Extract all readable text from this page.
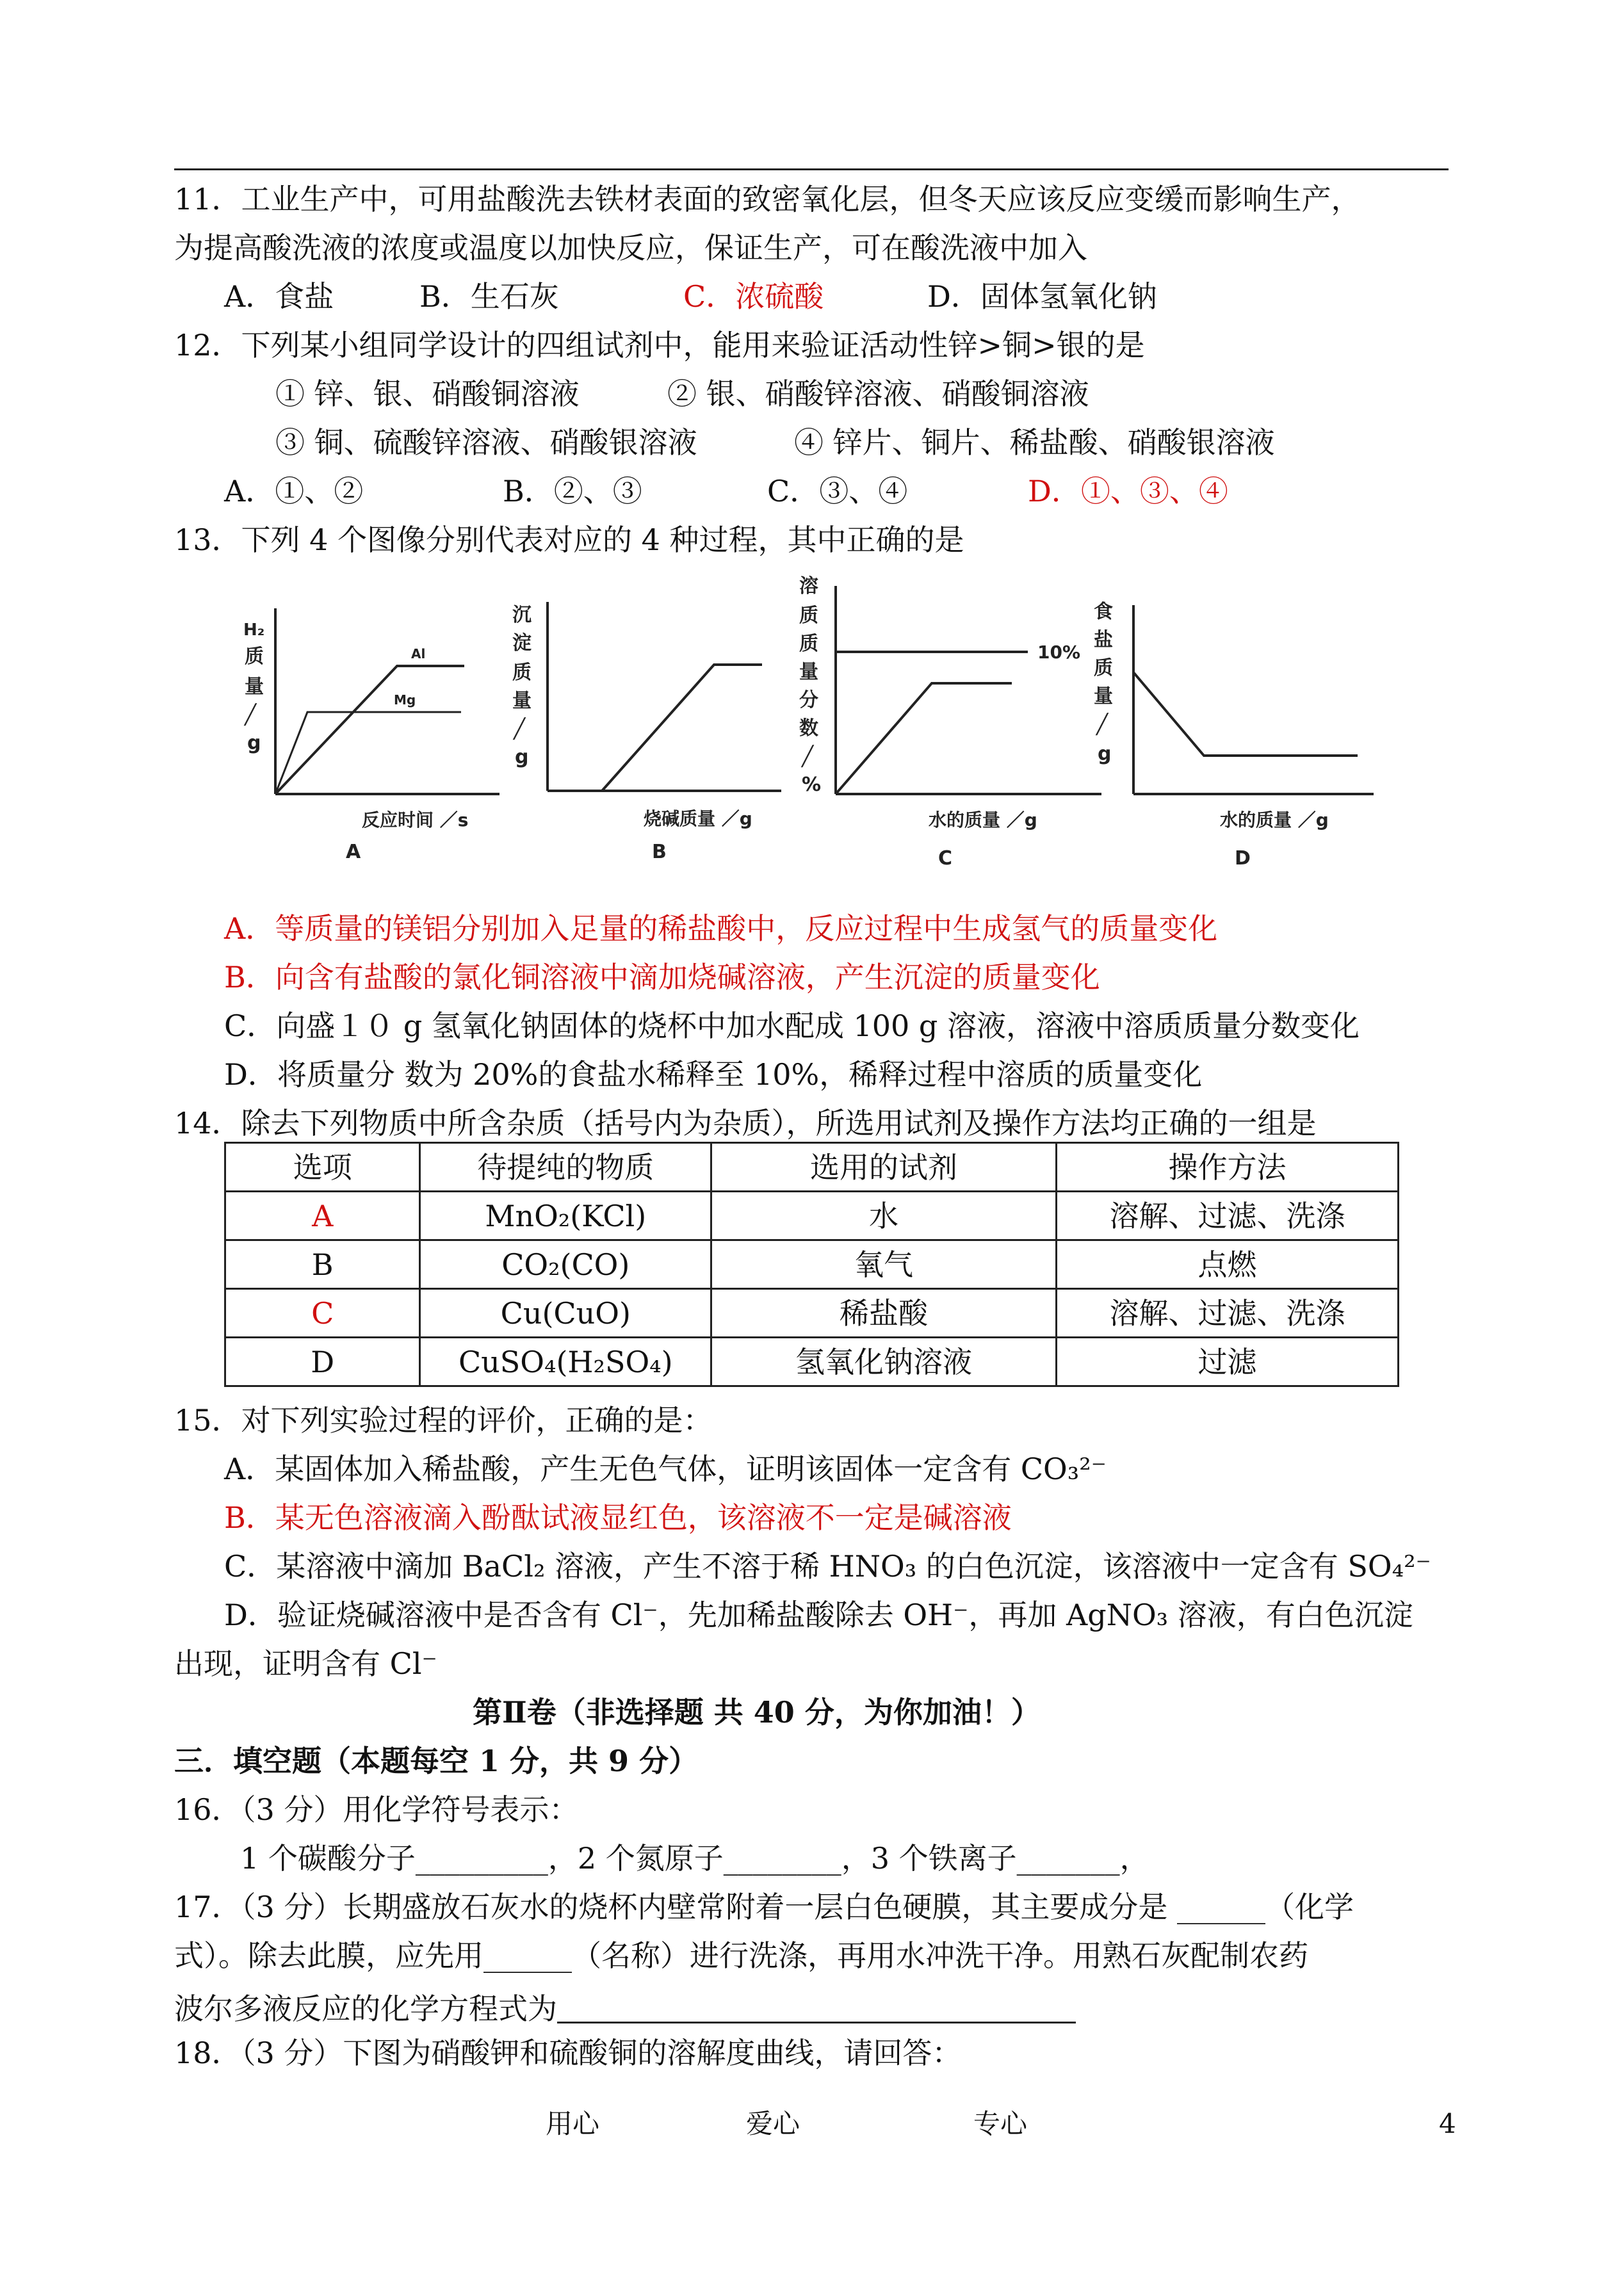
11．工业生产中，可用盐酸洗去铁材表面的致密氧化层，但冬天应该反应变缓而影响生产，
为提高酸洗液的浓度或温度以加快反应，保证生产，可在酸洗液中加入
A．食盐	B．生石灰	C．浓硫酸	D．固体氢氧化钠
12．下列某小组同学设计的四组试剂中，能用来验证活动性锌>铜>银的是
① 锌、银、硝酸铜溶液	② 银、硝酸锌溶液、硝酸铜溶液
③ 铜、硫酸锌溶液、硝酸银溶液	④ 锌片、铜片、稀盐酸、硝酸银溶液
A．①、②	B．②、③	C．③、④	D．①、③、④
13．下列 4 个图像分别代表对应的 4 种过程，其中正确的是
H₂
质
量
╱
g
Al
Mg
反应时间 ／s
A
沉
淀
质
量
╱
g
烧碱质量 ／g
B
溶
质
质
量
分
数
╱
%
10%
水的质量 ／g
C
食
盐
质
量
╱
g
水的质量 ／g
D
A．等质量的镁铝分别加入足量的稀盐酸中，反应过程中生成氢气的质量变化
B．向含有盐酸的氯化铜溶液中滴加烧碱溶液，产生沉淀的质量变化
C．向盛１０ g 氢氧化钠固体的烧杯中加水配成 100 g 溶液，溶液中溶质质量分数变化
D．将质量分 数为 20%的食盐水稀释至 10%，稀释过程中溶质的质量变化
14．除去下列物质中所含杂质（括号内为杂质），所选用试剂及操作方法均正确的一组是
选项	待提纯的物质	选用的试剂	操作方法
A	MnO₂(KCl)	水	溶解、过滤、洗涤
B	CO₂(CO)	氧气	点燃
C	Cu(CuO)	稀盐酸	溶解、过滤、洗涤
D	CuSO₄(H₂SO₄)	氢氧化钠溶液	过滤
15．对下列实验过程的评价，正确的是：
A．某固体加入稀盐酸，产生无色气体，证明该固体一定含有 CO₃²⁻
B．某无色溶液滴入酚酞试液显红色，该溶液不一定是碱溶液
C．某溶液中滴加 BaCl₂ 溶液，产生不溶于稀 HNO₃ 的白色沉淀，该溶液中一定含有 SO₄²⁻
D．验证烧碱溶液中是否含有 Cl⁻，先加稀盐酸除去 OH⁻，再加 AgNO₃ 溶液，有白色沉淀
出现，证明含有 Cl⁻
第Ⅱ卷（非选择题 共 40 分，为你加油！）
三．填空题（本题每空 1 分，共 9 分）
16．（3 分）用化学符号表示：
1 个碳酸分子_________，2 个氮原子________，3 个铁离子_______，
17．（3 分）长期盛放石灰水的烧杯内壁常附着一层白色硬膜，其主要成分是 ______（化学
式）。除去此膜，应先用______（名称）进行洗涤，再用水冲洗干净。用熟石灰配制农药
波尔多液反应的化学方程式为
18．（3 分）下图为硝酸钾和硫酸铜的溶解度曲线，请回答：
用心	爱心	专心	4
